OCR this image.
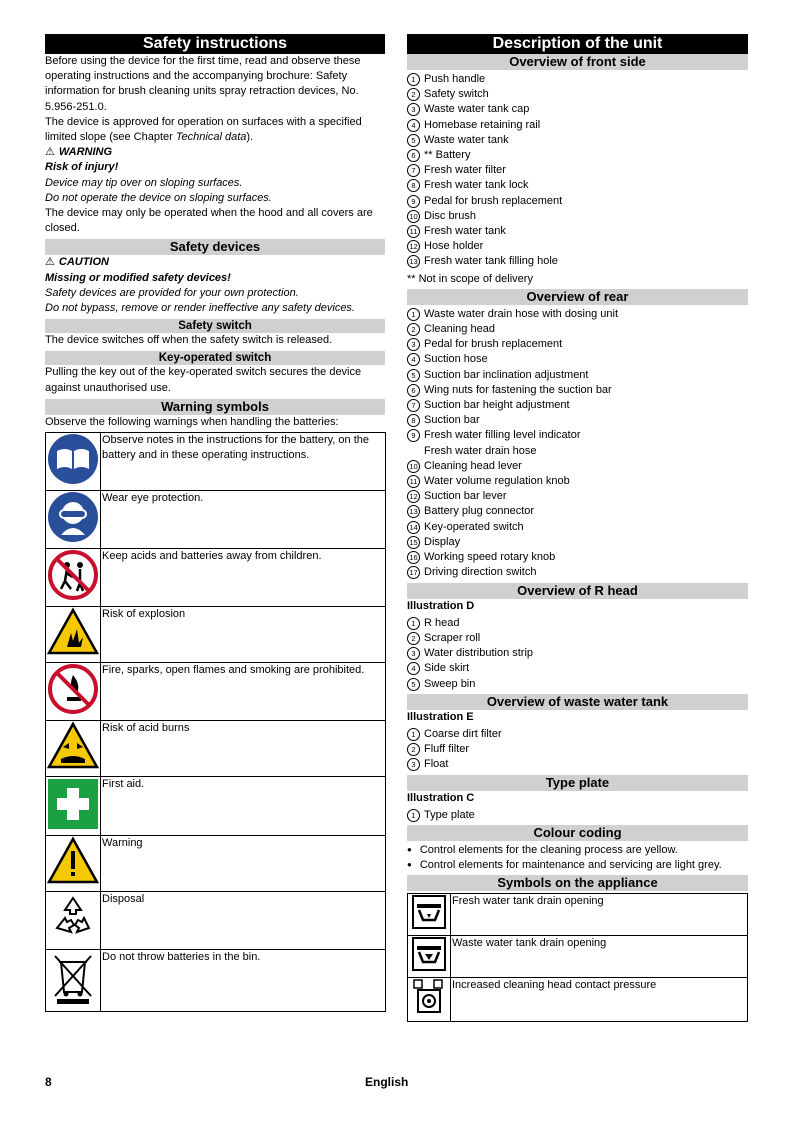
Safety instructions

Before using the device for the first time, read and observe these operating instructions and the accompanying brochure: Safety information for brush cleaning units spray retraction devices, No. 5.956-251.0.

The device is approved for operation on surfaces with a specified limited slope (see Chapter Technical data).

⚠ WARNING

Risk of injury!

Device may tip over on sloping surfaces.

Do not operate the device on sloping surfaces.

The device may only be operated when the hood and all covers are closed.

Safety devices

⚠ CAUTION

Missing or modified safety devices!

Safety devices are provided for your own protection.

Do not bypass, remove or render ineffective any safety devices.

Safety switch

The device switches off when the safety switch is released.

Key-operated switch

Pulling the key out of the key-operated switch secures the device against unauthorised use.

Warning symbols

Observe the following warnings when handling the batteries:

	Observe notes in the instructions for the battery, on the battery and in these operating instructions.
	Wear eye protection.
	Keep acids and batteries away from children.
	Risk of explosion
	Fire, sparks, open flames and smoking are prohibited.
	Risk of acid burns
	First aid.
	Warning
	Disposal
	Do not throw batteries in the bin.
Description of the unit
Overview of front side
1 Push handle
2 Safety switch
3 Waste water tank cap
4 Homebase retaining rail
5 Waste water tank
6 ** Battery
7 Fresh water filter
8 Fresh water tank lock
9 Pedal for brush replacement
10 Disc brush
11 Fresh water tank
12 Hose holder
13 Fresh water tank filling hole

** Not in scope of delivery

Overview of rear
1 Waste water drain hose with dosing unit
2 Cleaning head
3 Pedal for brush replacement
4 Suction hose
5 Suction bar inclination adjustment
6 Wing nuts for fastening the suction bar
7 Suction bar height adjustment
8 Suction bar
9 Fresh water filling level indicator
Fresh water drain hose
10 Cleaning head lever
11 Water volume regulation knob
12 Suction bar lever
13 Battery plug connector
14 Key-operated switch
15 Display
16 Working speed rotary knob
17 Driving direction switch
Overview of R head

Illustration D

1 R head
2 Scraper roll
3 Water distribution strip
4 Side skirt
5 Sweep bin
Overview of waste water tank

Illustration E

1 Coarse dirt filter
2 Fluff filter
3 Float
Type plate

Illustration C

1 Type plate
Colour coding
● Control elements for the cleaning process are yellow.
● Control elements for maintenance and servicing are light grey.
Symbols on the appliance
	Fresh water tank drain opening
	Waste water tank drain opening
	Increased cleaning head contact pressure
8	English
